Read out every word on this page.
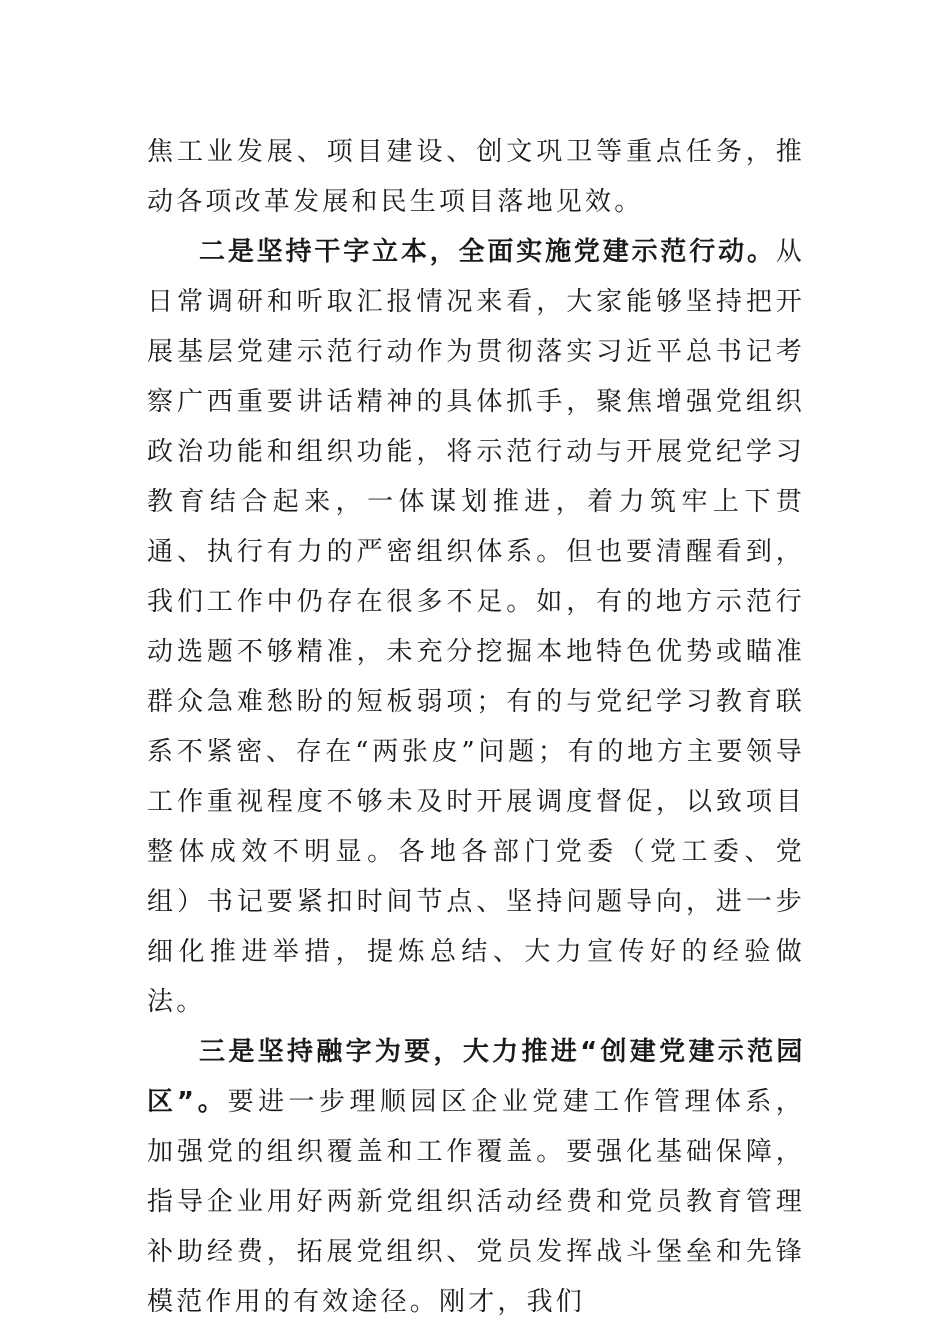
焦工业发展、项目建设、创文巩卫等重点任务，推动各项改革发展和民生项目落地见效。

二是坚持干字立本，全面实施党建示范行动。从日常调研和听取汇报情况来看，大家能够坚持把开展基层党建示范行动作为贯彻落实习近平总书记考察广西重要讲话精神的具体抓手，聚焦增强党组织政治功能和组织功能，将示范行动与开展党纪学习教育结合起来，一体谋划推进，着力筑牢上下贯通、执行有力的严密组织体系。但也要清醒看到，我们工作中仍存在很多不足。如，有的地方示范行动选题不够精准，未充分挖掘本地特色优势或瞄准群众急难愁盼的短板弱项；有的与党纪学习教育联系不紧密、存在“两张皮”问题；有的地方主要领导工作重视程度不够未及时开展调度督促，以致项目整体成效不明显。各地各部门党委（党工委、党组）书记要紧扣时间节点、坚持问题导向，进一步细化推进举措，提炼总结、大力宣传好的经验做法。

三是坚持融字为要，大力推进“创建党建示范园区”。要进一步理顺园区企业党建工作管理体系，加强党的组织覆盖和工作覆盖。要强化基础保障，指导企业用好两新党组织活动经费和党员教育管理补助经费，拓展党组织、党员发挥战斗堡垒和先锋模范作用的有效途径。刚才，我们
